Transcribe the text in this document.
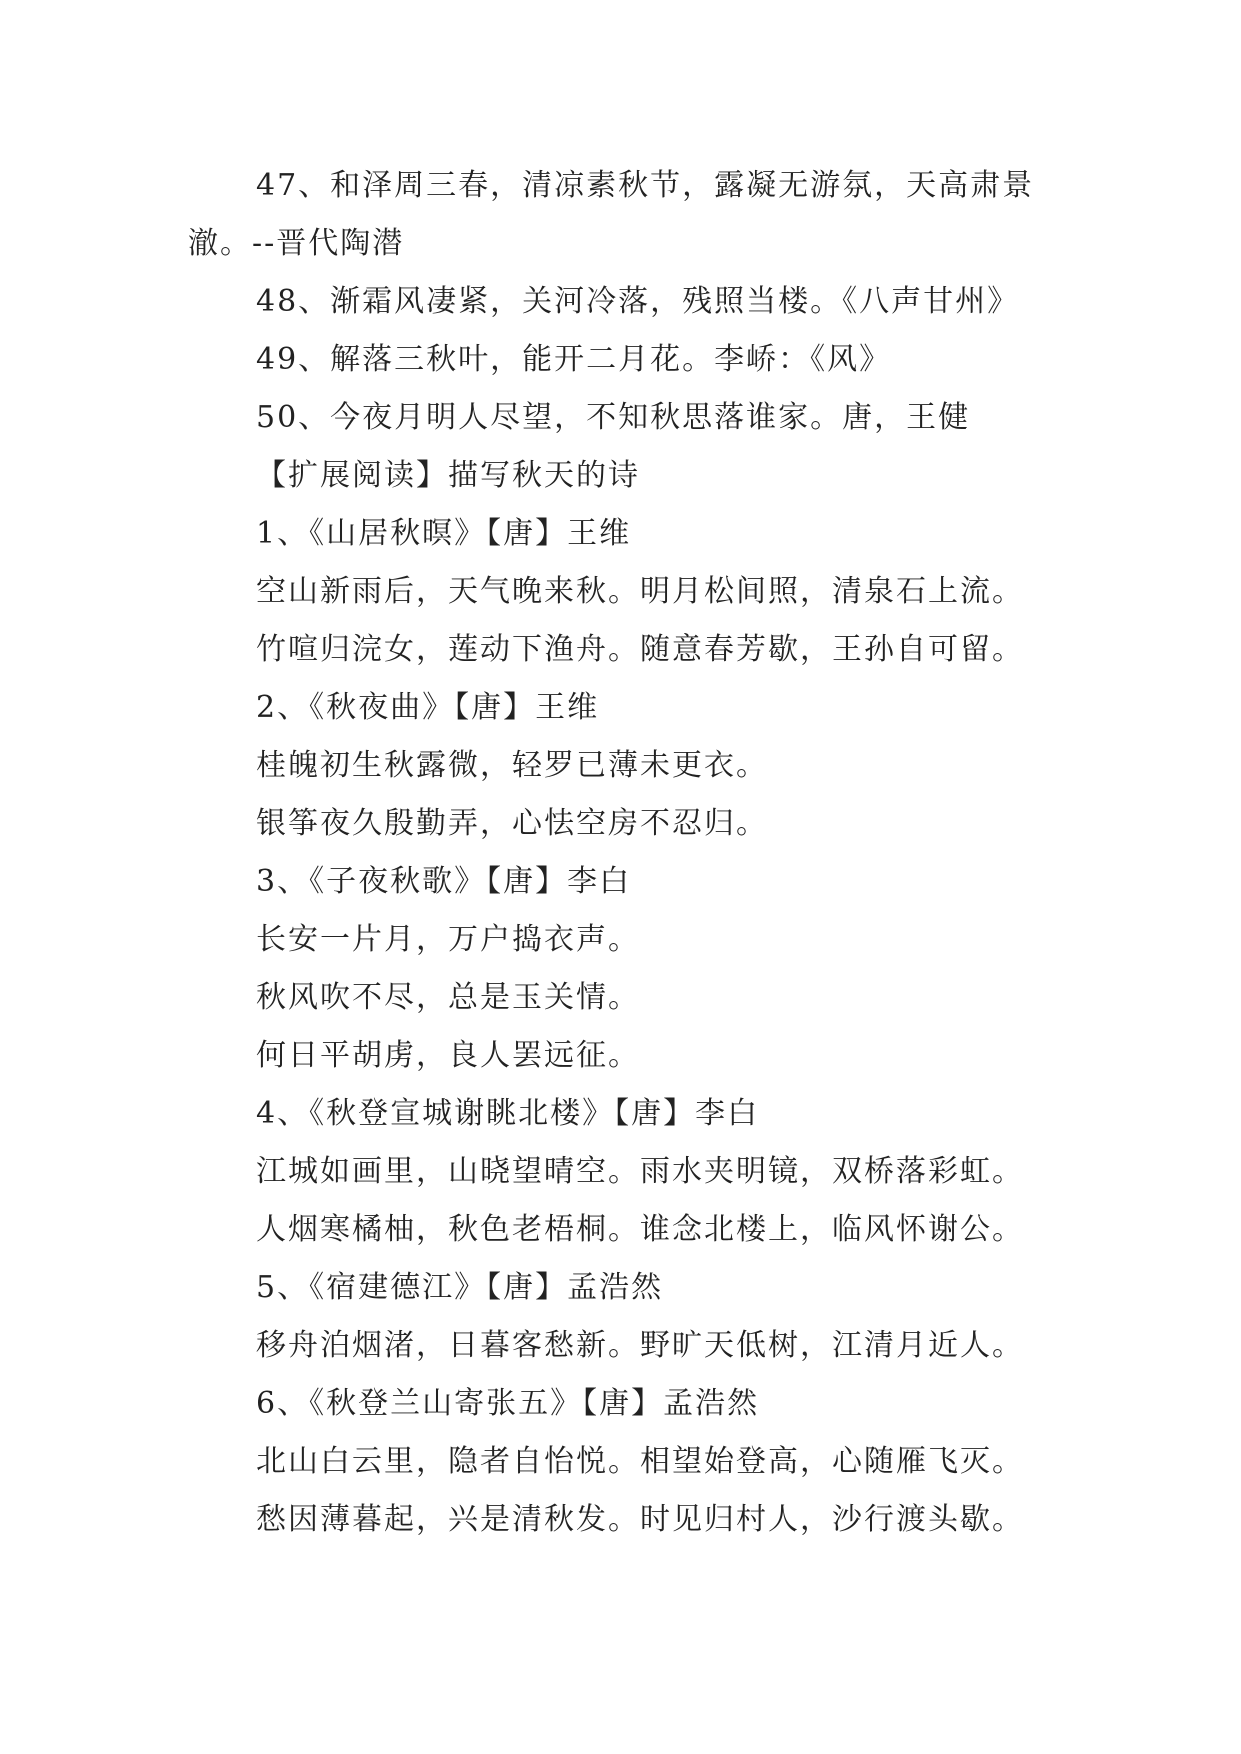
47、和泽周三春，清凉素秋节，露凝无游氛，天高肃景
澈。--晋代陶潜
48、渐霜风凄紧，关河冷落，残照当楼。《八声甘州》
49、解落三秋叶，能开二月花。李峤：《风》
50、今夜月明人尽望，不知秋思落谁家。唐，王健
【扩展阅读】描写秋天的诗
1、《山居秋暝》【唐】王维
空山新雨后，天气晚来秋。明月松间照，清泉石上流。
竹喧归浣女，莲动下渔舟。随意春芳歇，王孙自可留。
2、《秋夜曲》【唐】王维
桂魄初生秋露微，轻罗已薄未更衣。
银筝夜久殷勤弄，心怯空房不忍归。
3、《子夜秋歌》【唐】李白
长安一片月，万户捣衣声。
秋风吹不尽，总是玉关情。
何日平胡虏，良人罢远征。
4、《秋登宣城谢眺北楼》【唐】李白
江城如画里，山晓望晴空。雨水夹明镜，双桥落彩虹。
人烟寒橘柚，秋色老梧桐。谁念北楼上，临风怀谢公。
5、《宿建德江》【唐】孟浩然
移舟泊烟渚，日暮客愁新。野旷天低树，江清月近人。
6、《秋登兰山寄张五》【唐】孟浩然
北山白云里，隐者自怡悦。相望始登高，心随雁飞灭。
愁因薄暮起，兴是清秋发。时见归村人，沙行渡头歇。
